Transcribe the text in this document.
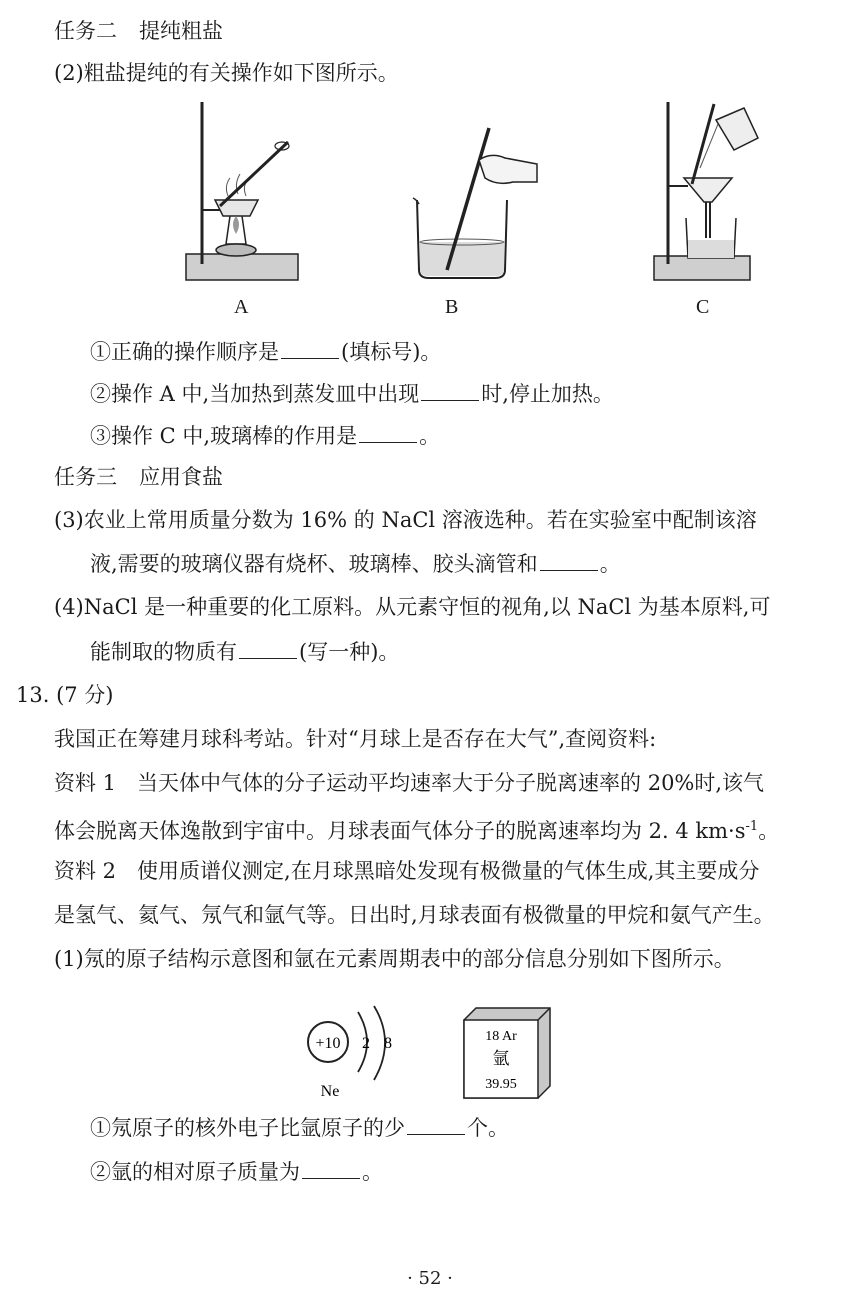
任务二 提纯粗盐
(2)粗盐提纯的有关操作如下图所示。
A	B	C
①正确的操作顺序是	(填标号)。
②操作 A 中,当加热到蒸发皿中出现	时,停止加热。
③操作 C 中,玻璃棒的作用是	。
任务三 应用食盐
(3)农业上常用质量分数为 16% 的 NaCl 溶液选种。若在实验室中配制该溶
液,需要的玻璃仪器有烧杯、玻璃棒、胶头滴管和	。
(4)NaCl 是一种重要的化工原料。从元素守恒的视角,以 NaCl 为基本原料,可
能制取的物质有	(写一种)。
13. (7 分)
我国正在筹建月球科考站。针对“月球上是否存在大气”,查阅资料:
资料 1　当天体中气体的分子运动平均速率大于分子脱离速率的 20%时,该气
体会脱离天体逸散到宇宙中。月球表面气体分子的脱离速率均为 2. 4 $km\cdot s^{-1}$。
资料 2　使用质谱仪测定,在月球黑暗处发现有极微量的气体生成,其主要成分
是氢气、氦气、氖气和氩气等。日出时,月球表面有极微量的甲烷和氨气产生。
(1)氖的原子结构示意图和氩在元素周期表中的部分信息分别如下图所示。
+10 2 8
Ne
18 Ar
氩
39.95
①氖原子的核外电子比氩原子的少	个。
②氩的相对原子质量为	。
· 52 ·
